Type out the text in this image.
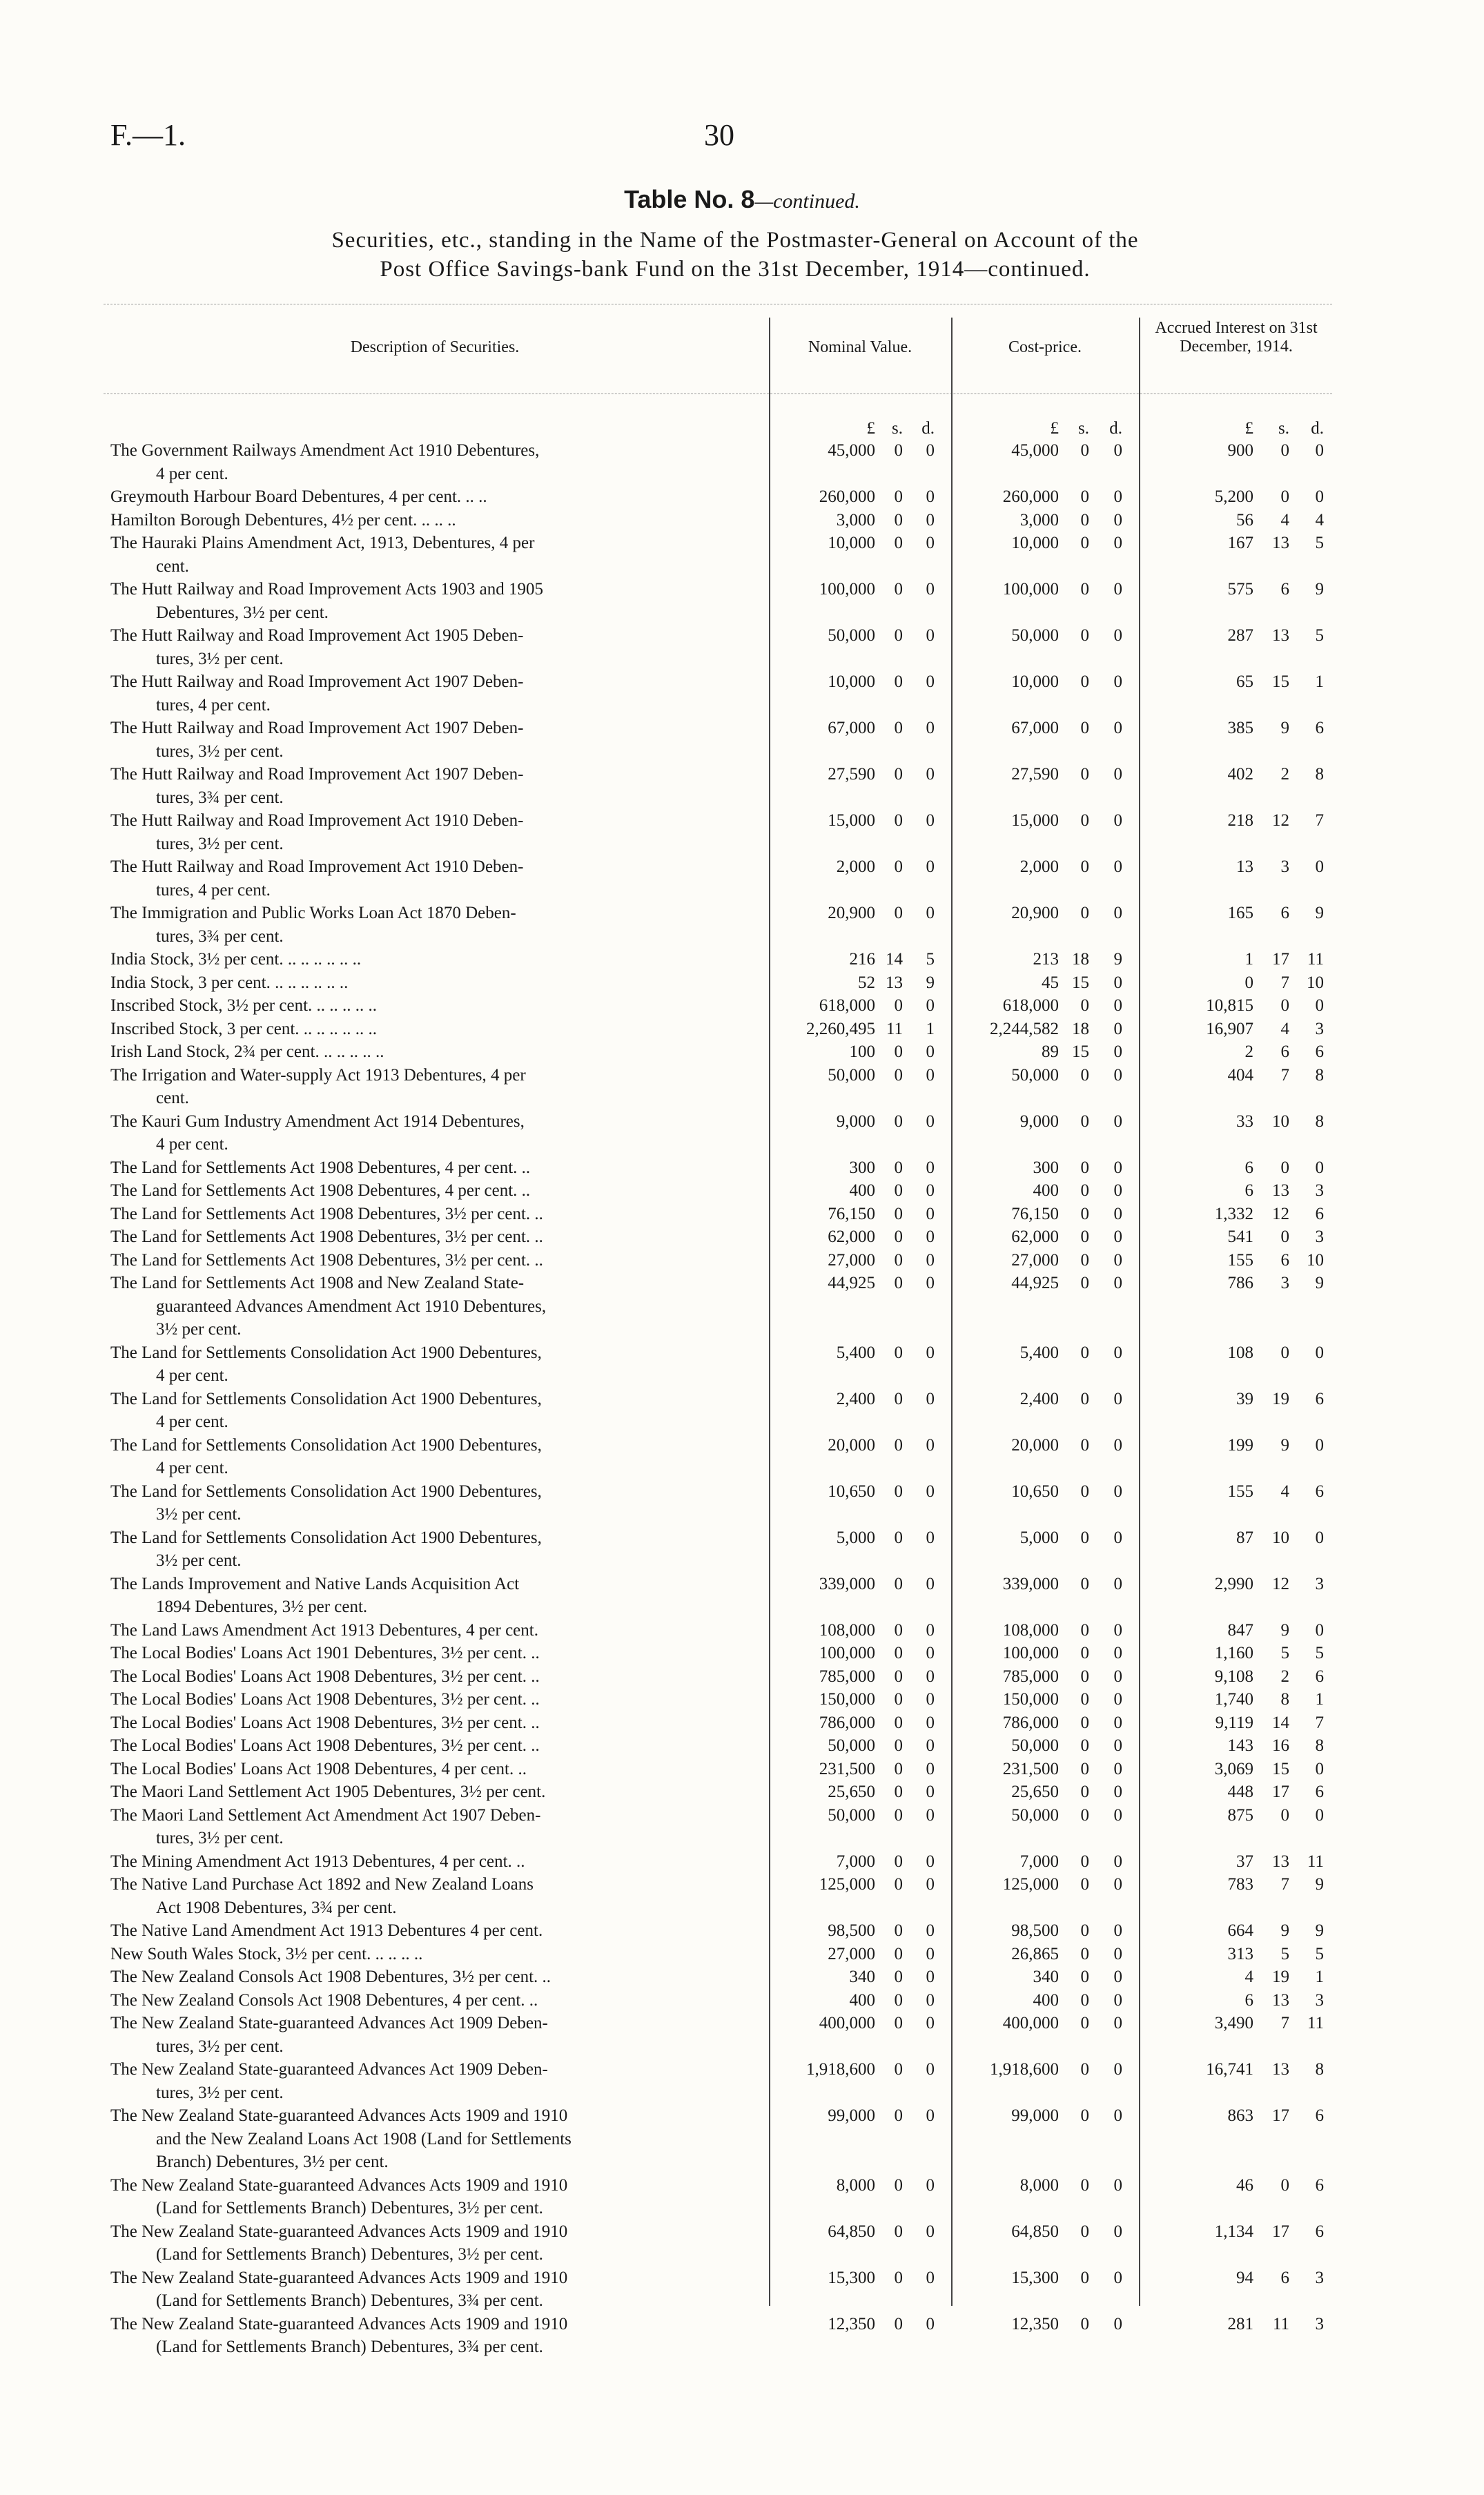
F.—1.	30
Table No. 8—continued.
Securities, etc., standing in the Name of the Postmaster-General on Account of the
Post Office Savings-bank Fund on the 31st December, 1914—continued.
Description of Securities.	Nominal Value.	Cost-price.
Accrued Interest on 31st December, 1914.
£ s.	d.	£	s.	d.	£	s.	d.
The Government Railways Amendment Act 1910 Debentures,
4 per cent.
45,000	0	0	45,000	0	0	900	0	0
Greymouth Harbour Board Debentures, 4 per cent. .. ..	260,000	0	0	260,000	0	0	5,200	0	0
Hamilton Borough Debentures, 4½ per cent. .. .. ..	3,000	0	0	3,000	0	0	56	4	4
The Hauraki Plains Amendment Act, 1913, Debentures, 4 per
cent.
10,000	0	0	10,000	0	0	167	13	5
The Hutt Railway and Road Improvement Acts 1903 and 1905
Debentures, 3½ per cent.
100,000	0	0	100,000	0	0	575	6	9
The Hutt Railway and Road Improvement Act 1905 Deben-
tures, 3½ per cent.
50,000	0	0	50,000	0	0	287	13	5
The Hutt Railway and Road Improvement Act 1907 Deben-
tures, 4 per cent.
10,000	0	0	10,000	0	0	65	15	1
The Hutt Railway and Road Improvement Act 1907 Deben-
tures, 3½ per cent.
67,000	0	0	67,000	0	0	385	9	6
The Hutt Railway and Road Improvement Act 1907 Deben-
tures, 3¾ per cent.
27,590	0	0	27,590	0	0	402	2	8
The Hutt Railway and Road Improvement Act 1910 Deben-
tures, 3½ per cent.
15,000	0	0	15,000	0	0	218	12	7
The Hutt Railway and Road Improvement Act 1910 Deben-
tures, 4 per cent.
2,000	0	0	2,000	0	0	13	3	0
The Immigration and Public Works Loan Act 1870 Deben-
tures, 3¾ per cent.
20,900	0	0	20,900	0	0	165	6	9
India Stock, 3½ per cent. .. .. .. .. .. ..	216 14	5	213 18	9	1	17	11
India Stock, 3 per cent. .. .. .. .. .. ..	52 13	9	45 15	0	0	7	10
Inscribed Stock, 3½ per cent. .. .. .. .. ..	618,000	0	0	618,000	0	0	10,815	0	0
Inscribed Stock, 3 per cent. .. .. .. .. .. ..	2,260,495 11	1	2,244,582 18	0	16,907	4	3
Irish Land Stock, 2¾ per cent. .. .. .. .. ..	100	0	0	89 15	0	2	6	6
The Irrigation and Water-supply Act 1913 Debentures, 4 per
cent.
50,000	0	0	50,000	0	0	404	7	8
The Kauri Gum Industry Amendment Act 1914 Debentures,
4 per cent.
9,000	0	0	9,000	0	0	33	10	8
The Land for Settlements Act 1908 Debentures, 4 per cent. ..	300	0	0	300	0	0	6	0	0
The Land for Settlements Act 1908 Debentures, 4 per cent. ..	400	0	0	400	0	0	6	13	3
The Land for Settlements Act 1908 Debentures, 3½ per cent. ..	76,150	0	0	76,150	0	0	1,332	12	6
The Land for Settlements Act 1908 Debentures, 3½ per cent. ..	62,000	0	0	62,000	0	0	541	0	3
The Land for Settlements Act 1908 Debentures, 3½ per cent. ..	27,000	0	0	27,000	0	0	155	6	10
The Land for Settlements Act 1908 and New Zealand State-
guaranteed Advances Amendment Act 1910 Debentures,
3½ per cent.
44,925	0	0	44,925	0	0	786	3	9
The Land for Settlements Consolidation Act 1900 Debentures,
4 per cent.
5,400	0	0	5,400	0	0	108	0	0
The Land for Settlements Consolidation Act 1900 Debentures,
4 per cent.
2,400	0	0	2,400	0	0	39	19	6
The Land for Settlements Consolidation Act 1900 Debentures,
4 per cent.
20,000	0	0	20,000	0	0	199	9	0
The Land for Settlements Consolidation Act 1900 Debentures,
3½ per cent.
10,650	0	0	10,650	0	0	155	4	6
The Land for Settlements Consolidation Act 1900 Debentures,
3½ per cent.
5,000	0	0	5,000	0	0	87	10	0
The Lands Improvement and Native Lands Acquisition Act
1894 Debentures, 3½ per cent.
339,000	0	0	339,000	0	0	2,990	12	3
The Land Laws Amendment Act 1913 Debentures, 4 per cent.	108,000	0	0	108,000	0	0	847	9	0
The Local Bodies' Loans Act 1901 Debentures, 3½ per cent. ..	100,000	0	0	100,000	0	0	1,160	5	5
The Local Bodies' Loans Act 1908 Debentures, 3½ per cent. ..	785,000	0	0	785,000	0	0	9,108	2	6
The Local Bodies' Loans Act 1908 Debentures, 3½ per cent. ..	150,000	0	0	150,000	0	0	1,740	8	1
The Local Bodies' Loans Act 1908 Debentures, 3½ per cent. ..	786,000	0	0	786,000	0	0	9,119	14	7
The Local Bodies' Loans Act 1908 Debentures, 3½ per cent. ..	50,000	0	0	50,000	0	0	143	16	8
The Local Bodies' Loans Act 1908 Debentures, 4 per cent. ..	231,500	0	0	231,500	0	0	3,069	15	0
The Maori Land Settlement Act 1905 Debentures, 3½ per cent.	25,650	0	0	25,650	0	0	448	17	6
The Maori Land Settlement Act Amendment Act 1907 Deben-
tures, 3½ per cent.
50,000	0	0	50,000	0	0	875	0	0
The Mining Amendment Act 1913 Debentures, 4 per cent. ..	7,000	0	0	7,000	0	0	37	13	11
The Native Land Purchase Act 1892 and New Zealand Loans
Act 1908 Debentures, 3¾ per cent.
125,000	0	0	125,000	0	0	783	7	9
The Native Land Amendment Act 1913 Debentures 4 per cent.	98,500	0	0	98,500	0	0	664	9	9
New South Wales Stock, 3½ per cent. .. .. .. ..	27,000	0	0	26,865	0	0	313	5	5
The New Zealand Consols Act 1908 Debentures, 3½ per cent. ..	340	0	0	340	0	0	4	19	1
The New Zealand Consols Act 1908 Debentures, 4 per cent. ..	400	0	0	400	0	0	6	13	3
The New Zealand State-guaranteed Advances Act 1909 Deben-
tures, 3½ per cent.
400,000	0	0	400,000	0	0	3,490	7	11
The New Zealand State-guaranteed Advances Act 1909 Deben-
tures, 3½ per cent.
1,918,600	0	0	1,918,600	0	0	16,741	13	8
The New Zealand State-guaranteed Advances Acts 1909 and 1910
and the New Zealand Loans Act 1908 (Land for Settlements
Branch) Debentures, 3½ per cent.
99,000	0	0	99,000	0	0	863	17	6
The New Zealand State-guaranteed Advances Acts 1909 and 1910
(Land for Settlements Branch) Debentures, 3½ per cent.
8,000	0	0	8,000	0	0	46	0	6
The New Zealand State-guaranteed Advances Acts 1909 and 1910
(Land for Settlements Branch) Debentures, 3½ per cent.
64,850	0	0	64,850	0	0	1,134	17	6
The New Zealand State-guaranteed Advances Acts 1909 and 1910
(Land for Settlements Branch) Debentures, 3¾ per cent.
15,300	0	0	15,300	0	0	94	6	3
The New Zealand State-guaranteed Advances Acts 1909 and 1910
(Land for Settlements Branch) Debentures, 3¾ per cent.
12,350	0	0	12,350	0	0	281	11	3
